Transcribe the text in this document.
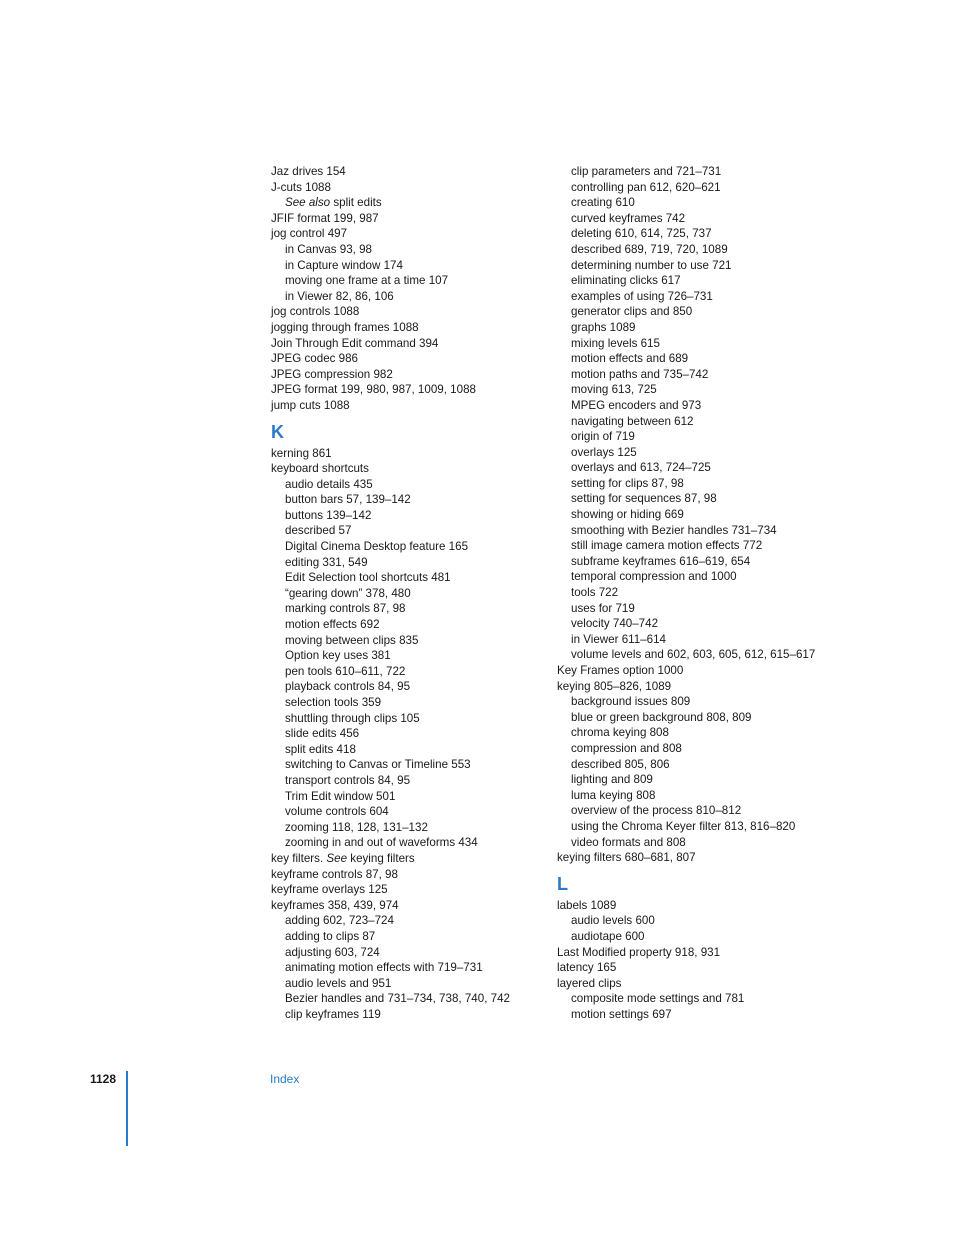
Jaz drives 154
J-cuts 1088
See also split edits
JFIF format 199, 987
jog control 497
in Canvas 93, 98
in Capture window 174
moving one frame at a time 107
in Viewer 82, 86, 106
jog controls 1088
jogging through frames 1088
Join Through Edit command 394
JPEG codec 986
JPEG compression 982
JPEG format 199, 980, 987, 1009, 1088
jump cuts 1088
K
kerning 861
keyboard shortcuts
audio details 435
button bars 57, 139–142
buttons 139–142
described 57
Digital Cinema Desktop feature 165
editing 331, 549
Edit Selection tool shortcuts 481
“gearing down” 378, 480
marking controls 87, 98
motion effects 692
moving between clips 835
Option key uses 381
pen tools 610–611, 722
playback controls 84, 95
selection tools 359
shuttling through clips 105
slide edits 456
split edits 418
switching to Canvas or Timeline 553
transport controls 84, 95
Trim Edit window 501
volume controls 604
zooming 118, 128, 131–132
zooming in and out of waveforms 434
key filters. See keying filters
keyframe controls 87, 98
keyframe overlays 125
keyframes 358, 439, 974
adding 602, 723–724
adding to clips 87
adjusting 603, 724
animating motion effects with 719–731
audio levels and 951
Bezier handles and 731–734, 738, 740, 742
clip keyframes 119
clip parameters and 721–731
controlling pan 612, 620–621
creating 610
curved keyframes 742
deleting 610, 614, 725, 737
described 689, 719, 720, 1089
determining number to use 721
eliminating clicks 617
examples of using 726–731
generator clips and 850
graphs 1089
mixing levels 615
motion effects and 689
motion paths and 735–742
moving 613, 725
MPEG encoders and 973
navigating between 612
origin of 719
overlays 125
overlays and 613, 724–725
setting for clips 87, 98
setting for sequences 87, 98
showing or hiding 669
smoothing with Bezier handles 731–734
still image camera motion effects 772
subframe keyframes 616–619, 654
temporal compression and 1000
tools 722
uses for 719
velocity 740–742
in Viewer 611–614
volume levels and 602, 603, 605, 612, 615–617
Key Frames option 1000
keying 805–826, 1089
background issues 809
blue or green background 808, 809
chroma keying 808
compression and 808
described 805, 806
lighting and 809
luma keying 808
overview of the process 810–812
using the Chroma Keyer filter 813, 816–820
video formats and 808
keying filters 680–681, 807
L
labels 1089
audio levels 600
audiotape 600
Last Modified property 918, 931
latency 165
layered clips
composite mode settings and 781
motion settings 697
1128	Index
